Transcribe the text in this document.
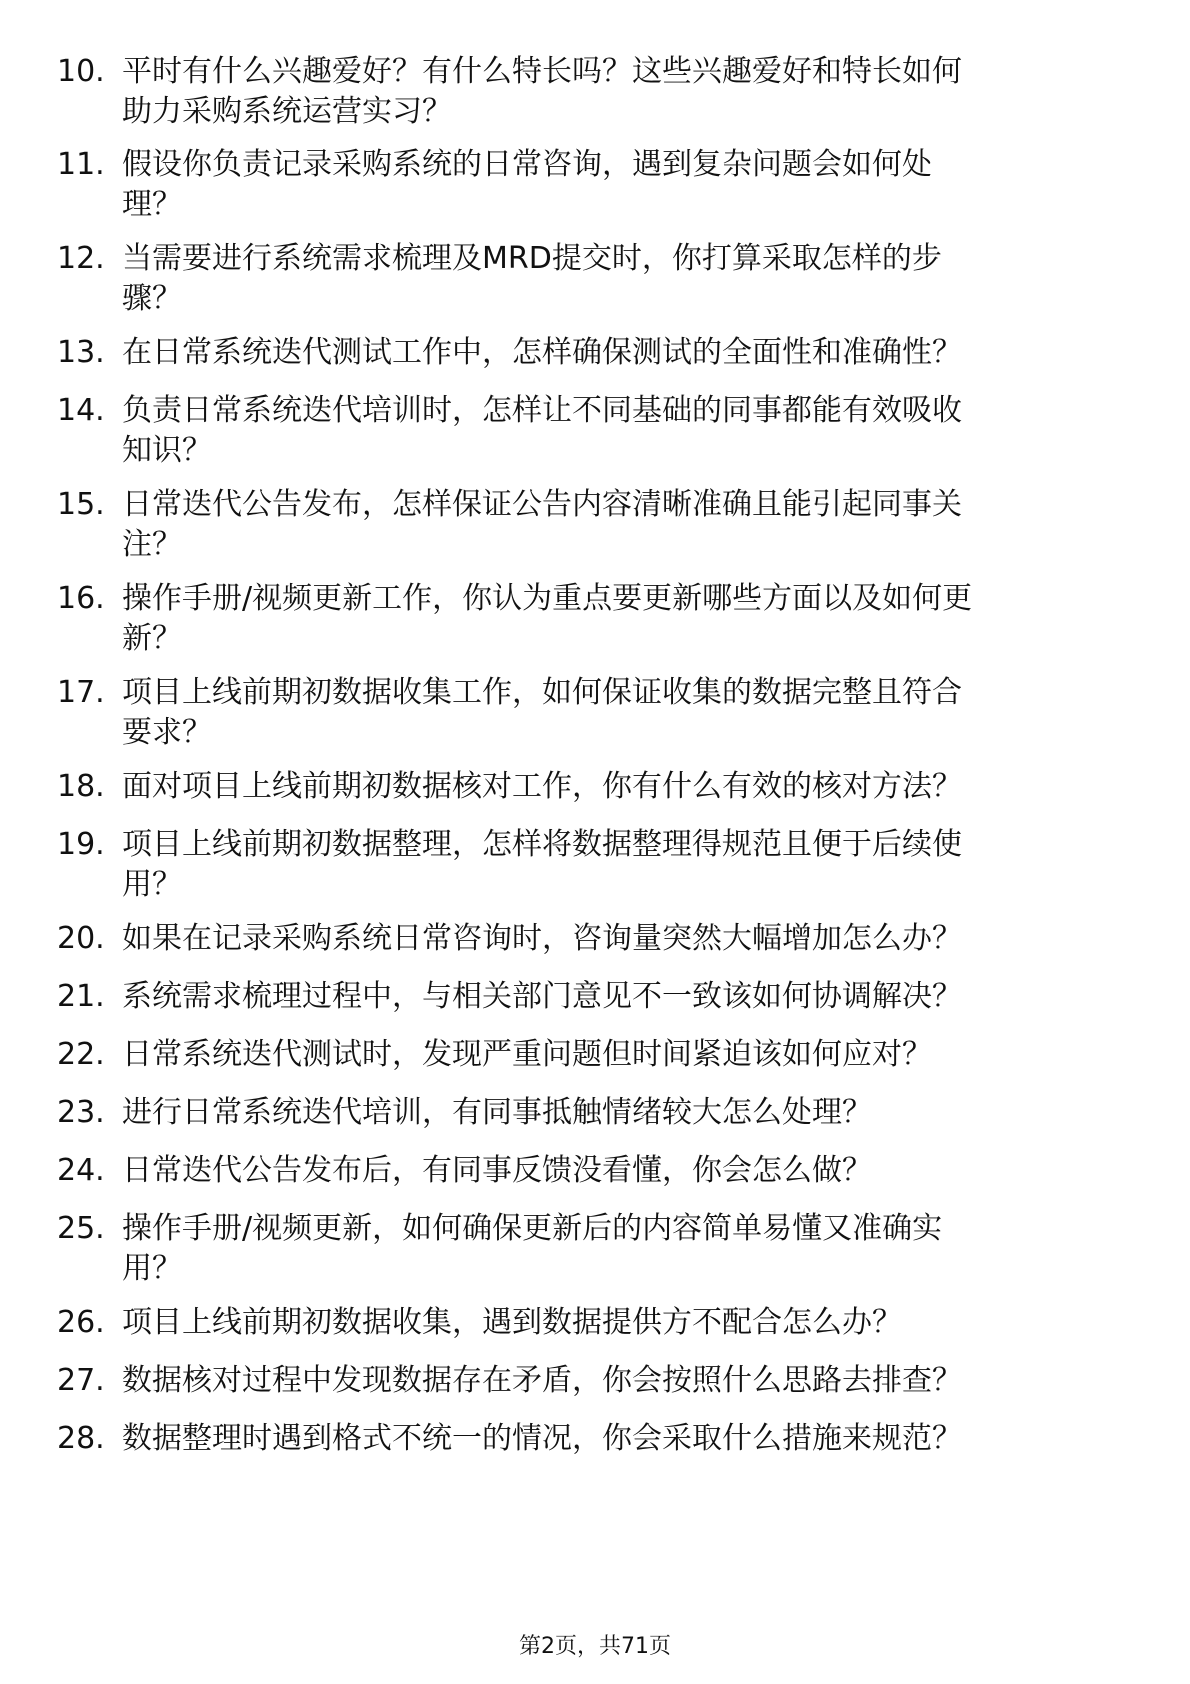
10. 平时有什么兴趣爱好？有什么特长吗？这些兴趣爱好和特长如何
助力采购系统运营实习？
11. 假设你负责记录采购系统的日常咨询，遇到复杂问题会如何处
理？
12. 当需要进行系统需求梳理及MRD提交时，你打算采取怎样的步
骤？
13. 在日常系统迭代测试工作中，怎样确保测试的全面性和准确性？
14. 负责日常系统迭代培训时，怎样让不同基础的同事都能有效吸收
知识？
15. 日常迭代公告发布，怎样保证公告内容清晰准确且能引起同事关
注？
16. 操作手册/视频更新工作，你认为重点要更新哪些方面以及如何更
新？
17. 项目上线前期初数据收集工作，如何保证收集的数据完整且符合
要求？
18. 面对项目上线前期初数据核对工作，你有什么有效的核对方法？
19. 项目上线前期初数据整理，怎样将数据整理得规范且便于后续使
用？
20. 如果在记录采购系统日常咨询时，咨询量突然大幅增加怎么办？
21. 系统需求梳理过程中，与相关部门意见不一致该如何协调解决？
22. 日常系统迭代测试时，发现严重问题但时间紧迫该如何应对？
23. 进行日常系统迭代培训，有同事抵触情绪较大怎么处理？
24. 日常迭代公告发布后，有同事反馈没看懂，你会怎么做？
25. 操作手册/视频更新，如何确保更新后的内容简单易懂又准确实
用？
26. 项目上线前期初数据收集，遇到数据提供方不配合怎么办？
27. 数据核对过程中发现数据存在矛盾，你会按照什么思路去排查？
28. 数据整理时遇到格式不统一的情况，你会采取什么措施来规范？
第2页，共71页
